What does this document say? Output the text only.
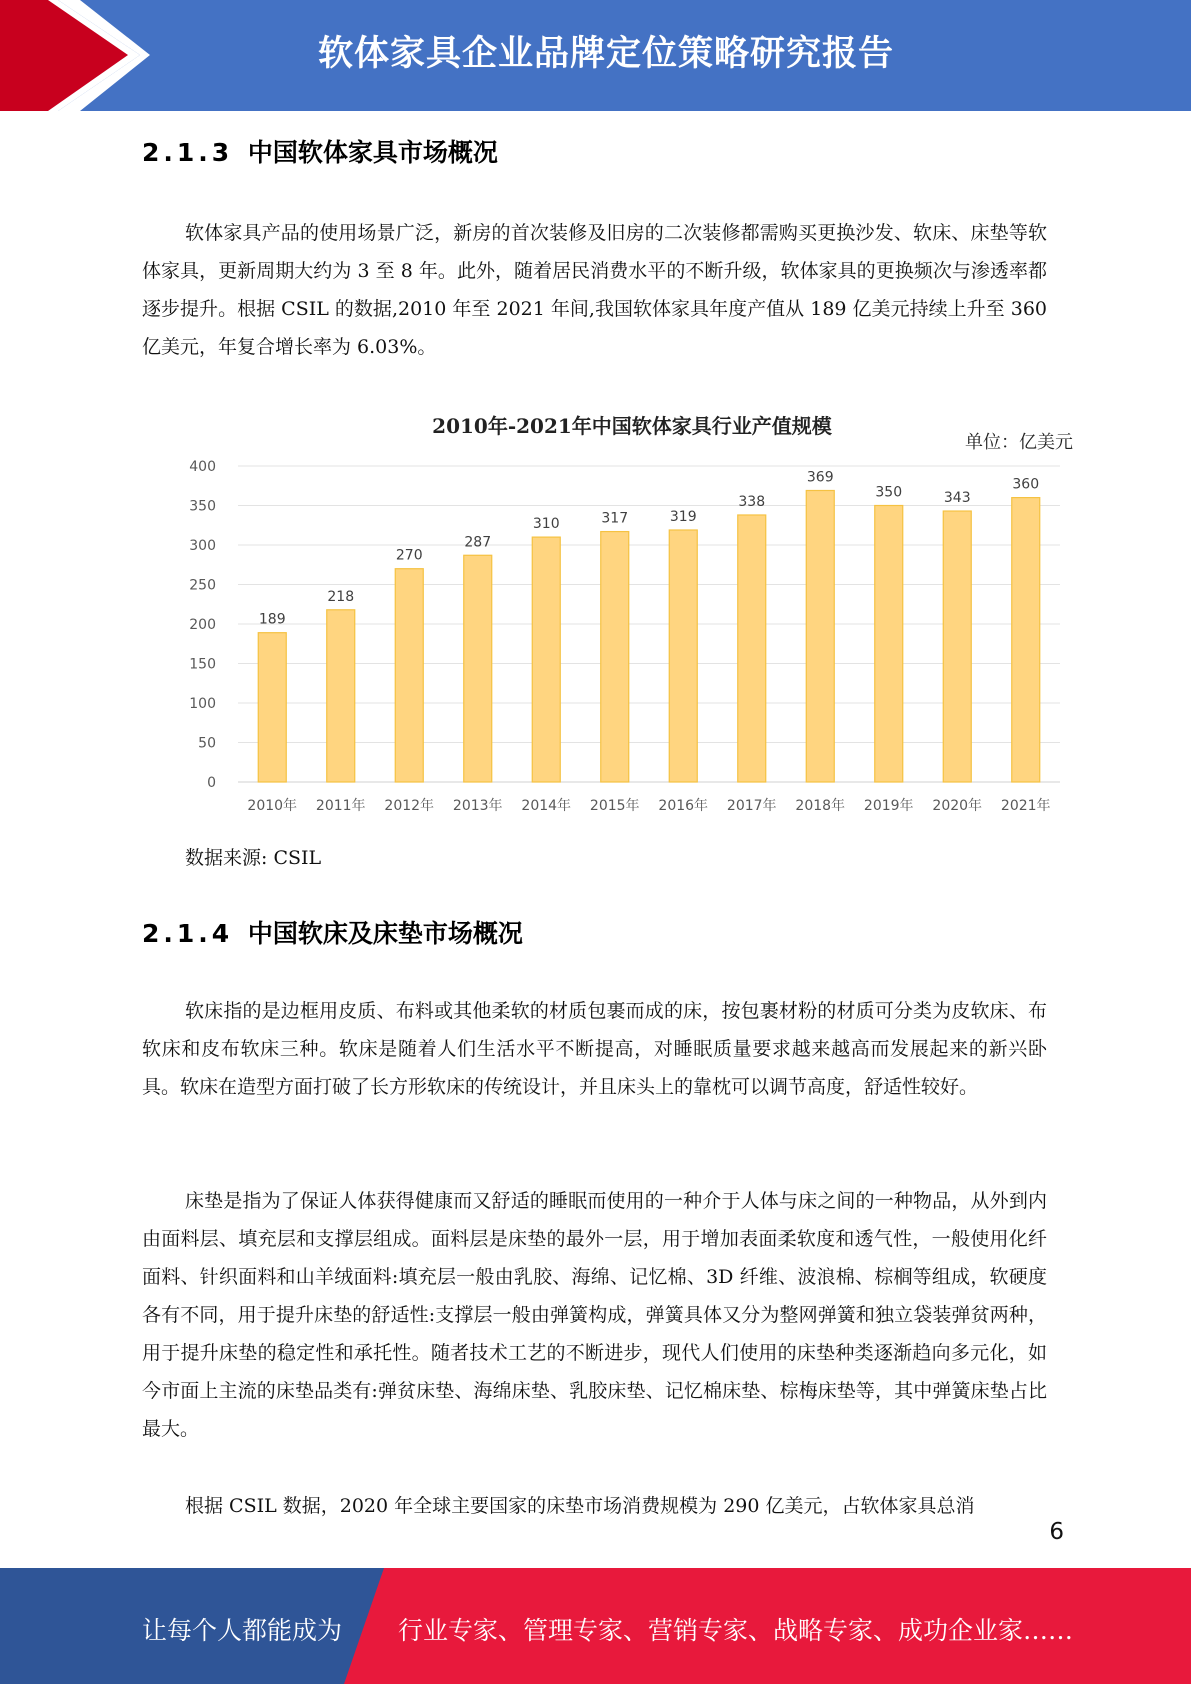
软体家具企业品牌定位策略研究报告
2.1.3 中国软体家具市场概况
软体家具产品的使用场景广泛，新房的首次装修及旧房的二次装修都需购买更换沙发、软床、床垫等软体家具，更新周期大约为 3 至 8 年。此外，随着居民消费水平的不断升级，软体家具的更换频次与渗透率都逐步提升。根据 CSIL 的数据,2010 年至 2021 年间,我国软体家具年度产值从 189 亿美元持续上升至 360 亿美元，年复合增长率为 6.03%。
2010年-2021年中国软体家具行业产值规模
单位：亿美元
0
50
100
150
200
250
300
350
400
189
2010年
218
2011年
270
2012年
287
2013年
310
2014年
317
2015年
319
2016年
338
2017年
369
2018年
350
2019年
343
2020年
360
2021年
数据来源: CSIL
2.1.4 中国软床及床垫市场概况
软床指的是边框用皮质、布料或其他柔软的材质包裹而成的床，按包裹材粉的材质可分类为皮软床、布软床和皮布软床三种。软床是随着人们生活水平不断提高，对睡眠质量要求越来越高而发展起来的新兴卧具。软床在造型方面打破了长方形软床的传统设计，并且床头上的靠枕可以调节高度，舒适性较好。
床垫是指为了保证人体获得健康而又舒适的睡眠而使用的一种介于人体与床之间的一种物品，从外到内由面料层、填充层和支撑层组成。面料层是床垫的最外一层，用于增加表面柔软度和透气性，一般使用化纤面料、针织面料和山羊绒面料:填充层一般由乳胶、海绵、记忆棉、3D 纤维、波浪棉、棕榈等组成，软硬度各有不同，用于提升床垫的舒适性:支撑层一般由弹簧构成，弹簧具体又分为整网弹簧和独立袋装弹贫两种，用于提升床垫的稳定性和承托性。随者技术工艺的不断进步，现代人们使用的床垫种类逐渐趋向多元化，如今市面上主流的床垫品类有:弹贫床垫、海绵床垫、乳胶床垫、记忆棉床垫、棕梅床垫等，其中弹簧床垫占比最大。
根据 CSIL 数据，2020 年全球主要国家的床垫市场消费规模为 290 亿美元，占软体家具总消
6
让每个人都能成为 行业专家、管理专家、营销专家、战略专家、成功企业家……
